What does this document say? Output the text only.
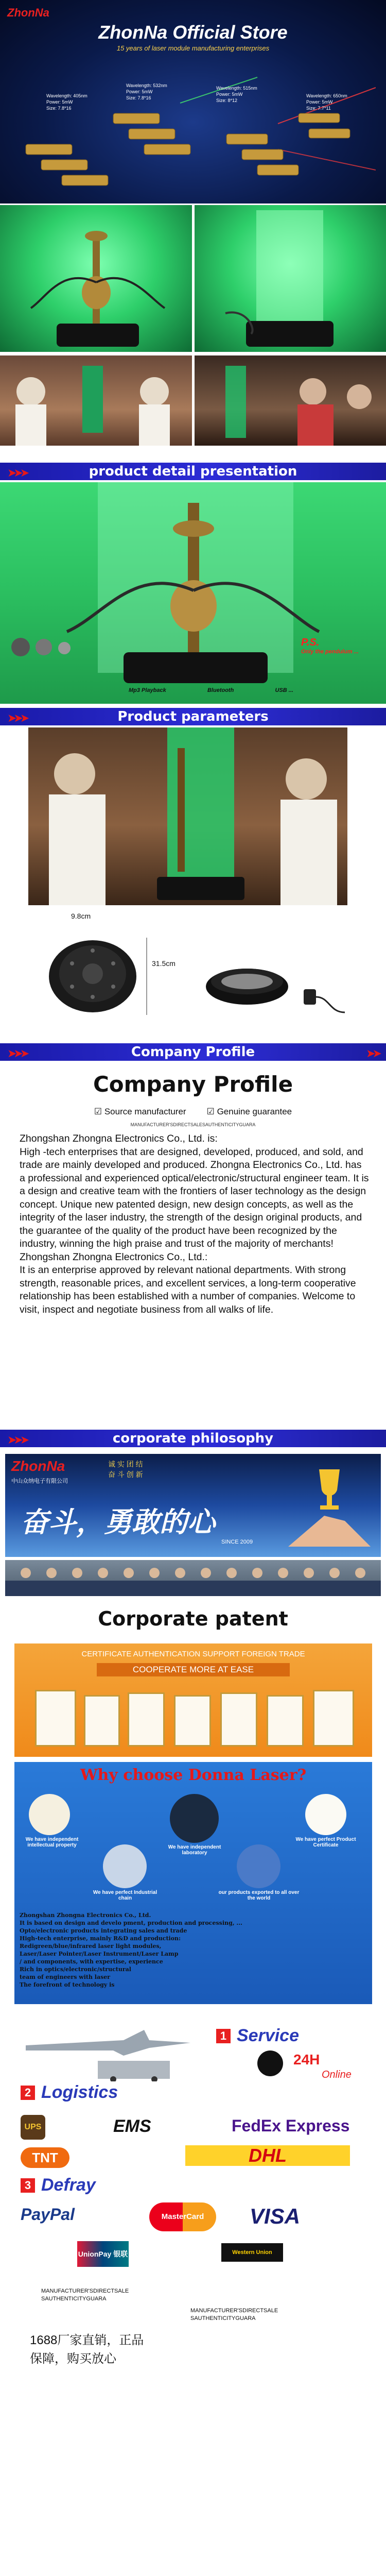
ZhonNa
ZhonNa Official Store
15 years of laser module manufacturing enterprises
Wavelength: 405nm
Power: 5mW
Size: 7.8*16
Wavelength: 532nm
Power: 5mW
Size: 7.8*16
Wavelength: 515nm
Power: 5mW
Size: 8*12
Wavelength: 650nm
Power: 5mW
Size: 7.7*11
➤➤➤	product detail presentation
P.S.
Only the pendulum ...
Mp3 Playback	Bluetooth	USB ...
➤➤➤	Product parameters
9.8cm
31.5cm
➤➤➤	➤➤
Company Profile
Company Profile
☑ Source manufacturer ☑ Genuine guarantee
MANUFACTURER'SDIRECTSALESAUTHENTICITYGUARA
Zhongshan Zhongna Electronics Co., Ltd. is:
High -tech enterprises that are designed, developed, produced, and sold, and trade are mainly developed and produced. Zhongna Electronics Co., Ltd. has a professional and experienced optical/electronic/structural engineer team. It is a design and creative team with the frontiers of laser technology as the design concept. Unique new patented design, new design concepts, as well as the integrity of the laser industry, the strength of the design original products, and the guarantee of the quality of the product have been recognized by the industry, winning the high praise and trust of the majority of merchants!
Zhongshan Zhongna Electronics Co., Ltd.:
It is an enterprise approved by relevant national departments. With strong strength, reasonable prices, and excellent services, a long-term cooperative relationship has been established with a number of companies. Welcome to visit, inspect and negotiate business from all walks of life.
➤➤➤	corporate philosophy
ZhonNa
中山众纳电子有限公司
诚 实 团 结
奋 斗 创 新
奋斗，勇敢的心
SINCE 2009
Corporate patent
CERTIFICATE AUTHENTICATION SUPPORT FOREIGN TRADE
COOPERATE MORE AT EASE
Why choose Donna Laser?
We have independent intellectual property	We have independent laboratory
We have perfect Product Certificate
We have perfect Industrial chain
our products exported to all over the world
Zhongshan Zhongna Electronics Co., Ltd.
It is based on design and develo pment, production and processing, ...
Opto/electronic products integrating sales and trade
High-tech enterprise, mainly R&D and production:
Redigreen/blue/infrared laser light modules,
Laser/Laser Pointer/Laser Instrument/Laser Lamp
/ and components, with expertise, experience
Rich in optics/electronic/structural
team of engineers with laser
The forefront of technology is
1 Service
24H
Online
2 Logistics
UPS	EMS	FedEx Express
TNT	DHL
3 Defray
PayPal	MasterCard	VISA
UnionPay 银联	Western Union
MANUFACTURER'SDIRECTSALE SAUTHENTICITYGUARA
MANUFACTURER'SDIRECTSALE SAUTHENTICITYGUARA
1688厂家直销，正品
保障，购买放心
